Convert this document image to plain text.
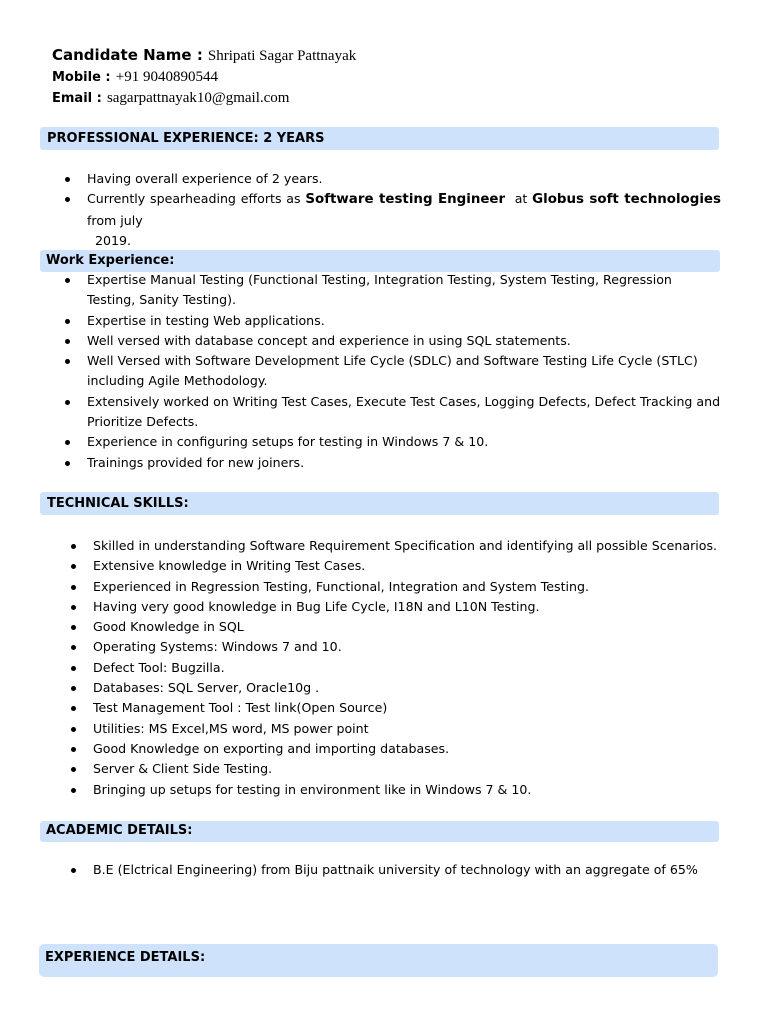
Candidate Name : Shripati Sagar Pattnayak
Mobile : +91 9040890544
Email : sagarpattnayak10@gmail.com
PROFESSIONAL EXPERIENCE: 2 YEARS
Having overall experience of 2 years.
Currently spearheading efforts as Software testing Engineer  at Globus soft technologies from july
2019.
Work Experience:
Expertise Manual Testing (Functional Testing, Integration Testing, System Testing, Regression
Testing, Sanity Testing).
Expertise in testing Web applications.
Well versed with database concept and experience in using SQL statements.
Well Versed with Software Development Life Cycle (SDLC) and Software Testing Life Cycle (STLC)
including Agile Methodology.
Extensively worked on Writing Test Cases, Execute Test Cases, Logging Defects, Defect Tracking and
Prioritize Defects.
Experience in configuring setups for testing in Windows 7 & 10.
Trainings provided for new joiners.
TECHNICAL SKILLS:
Skilled in understanding Software Requirement Specification and identifying all possible Scenarios.
Extensive knowledge in Writing Test Cases.
Experienced in Regression Testing, Functional, Integration and System Testing.
Having very good knowledge in Bug Life Cycle, I18N and L10N Testing.
Good Knowledge in SQL
Operating Systems: Windows 7 and 10.
Defect Tool: Bugzilla.
Databases: SQL Server, Oracle10g .
Test Management Tool : Test link(Open Source)
Utilities: MS Excel,MS word, MS power point
Good Knowledge on exporting and importing databases.
Server & Client Side Testing.
Bringing up setups for testing in environment like in Windows 7 & 10.
ACADEMIC DETAILS:
B.E (Elctrical Engineering) from Biju pattnaik university of technology with an aggregate of 65%
EXPERIENCE DETAILS:
